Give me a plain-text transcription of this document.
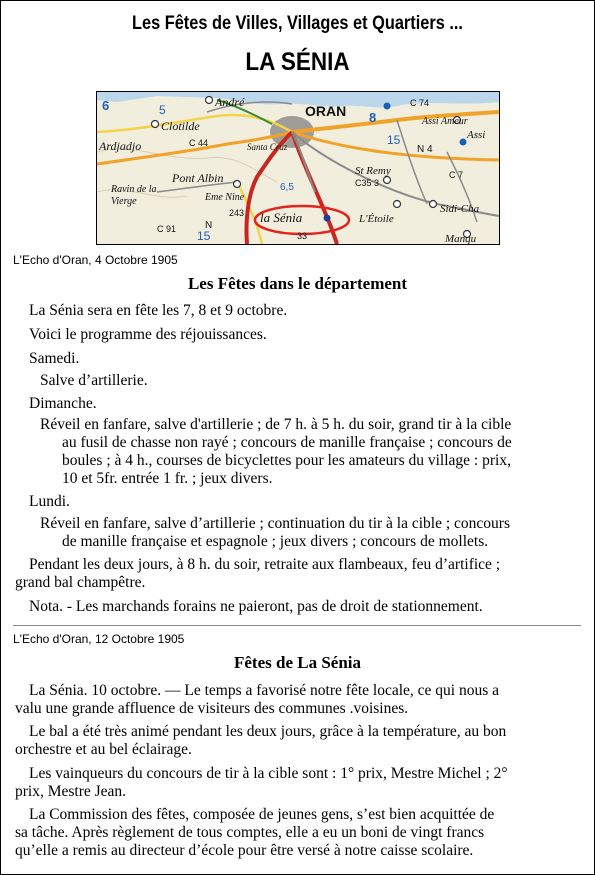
Les Fêtes de Villes, Villages et Quartiers ...
LA SÉNIA
6	André
ORAN
Clotilde
Ardjadjo	Santa Cruz
Pont Albin
Ravin de la
Vierge	Eme Nine
la Sénia
St Remy
Sidi-Cha
L'Étoile
Assi
Manqu
Assi Ameur
N 4
N
8
15
5
6,5
243
33
C 74
C 44
C35 3
15
C 91
C 7
L'Echo d'Oran, 4 Octobre 1905
Les Fêtes dans le département

La Sénia sera en fête les 7, 8 et 9 octobre.

Voici le programme des réjouissances.

Samedi.

Salve d’artillerie.

Dimanche.

Réveil en fanfare, salve d'artillerie ; de 7 h. à 5 h. du soir, grand tir à la cible

au fusil de chasse non rayé ; concours de manille française ; concours de

boules ; à 4 h., courses de bicyclettes pour les amateurs du village : prix,

10 et 5fr. entrée 1 fr. ; jeux divers.

Lundi.

Réveil en fanfare, salve d’artillerie ; continuation du tir à la cible ; concours

de manille française et espagnole ; jeux divers ; concours de mollets.

Pendant les deux jours, à 8 h. du soir, retraite aux flambeaux, feu d’artifice ;

grand bal champêtre.

Nota. - Les marchands forains ne paieront, pas de droit de stationnement.

L'Echo d'Oran, 12 Octobre 1905
Fêtes de La Sénia

La Sénia. 10 octobre. — Le temps a favorisé notre fête locale, ce qui nous a

valu une grande affluence de visiteurs des communes .voisines.

Le bal a été très animé pendant les deux jours, grâce à la température, au bon

orchestre et au bel éclairage.

Les vainqueurs du concours de tir à la cible sont : 1° prix, Mestre Michel ; 2°

prix, Mestre Jean.

La Commission des fêtes, composée de jeunes gens, s’est bien acquittée de

sa tâche. Après règlement de tous comptes, elle a eu un boni de vingt francs

qu’elle a remis au directeur d’école pour être versé à notre caisse scolaire.
